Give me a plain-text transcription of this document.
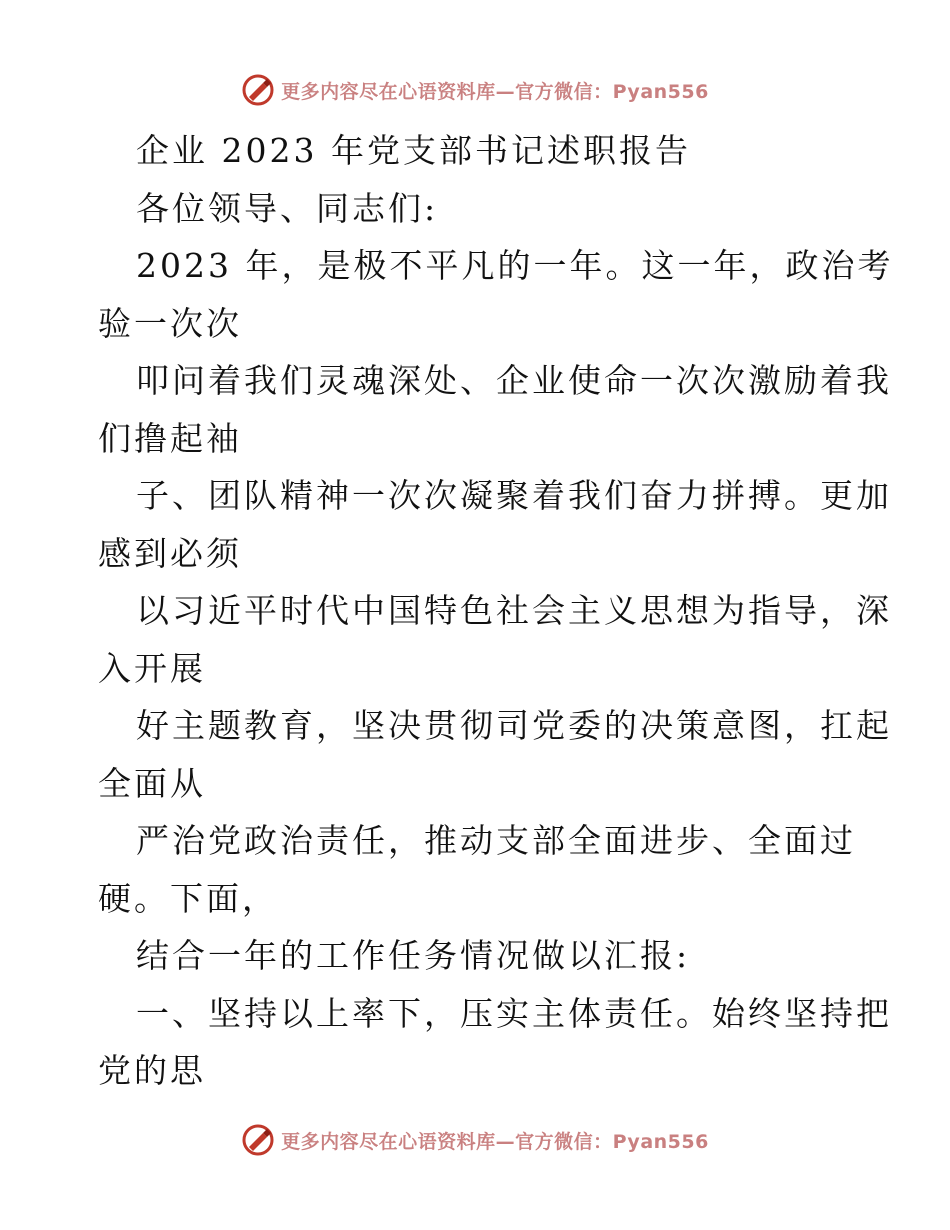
更多内容尽在心语资料库—官方微信：Pyan556
企业 2023 年党支部书记述职报告
各位领导、同志们:
2023 年，是极不平凡的一年。这一年，政治考
验一次次
叩问着我们灵魂深处、企业使命一次次激励着我
们撸起袖
子、团队精神一次次凝聚着我们奋力拼搏。更加
感到必须
以习近平时代中国特色社会主义思想为指导，深
入开展
好主题教育，坚决贯彻司党委的决策意图，扛起
全面从
严治党政治责任，推动支部全面进步、全面过
硬。下面，
结合一年的工作任务情况做以汇报:
一、坚持以上率下，压实主体责任。始终坚持把
党的思
更多内容尽在心语资料库—官方微信：Pyan556
